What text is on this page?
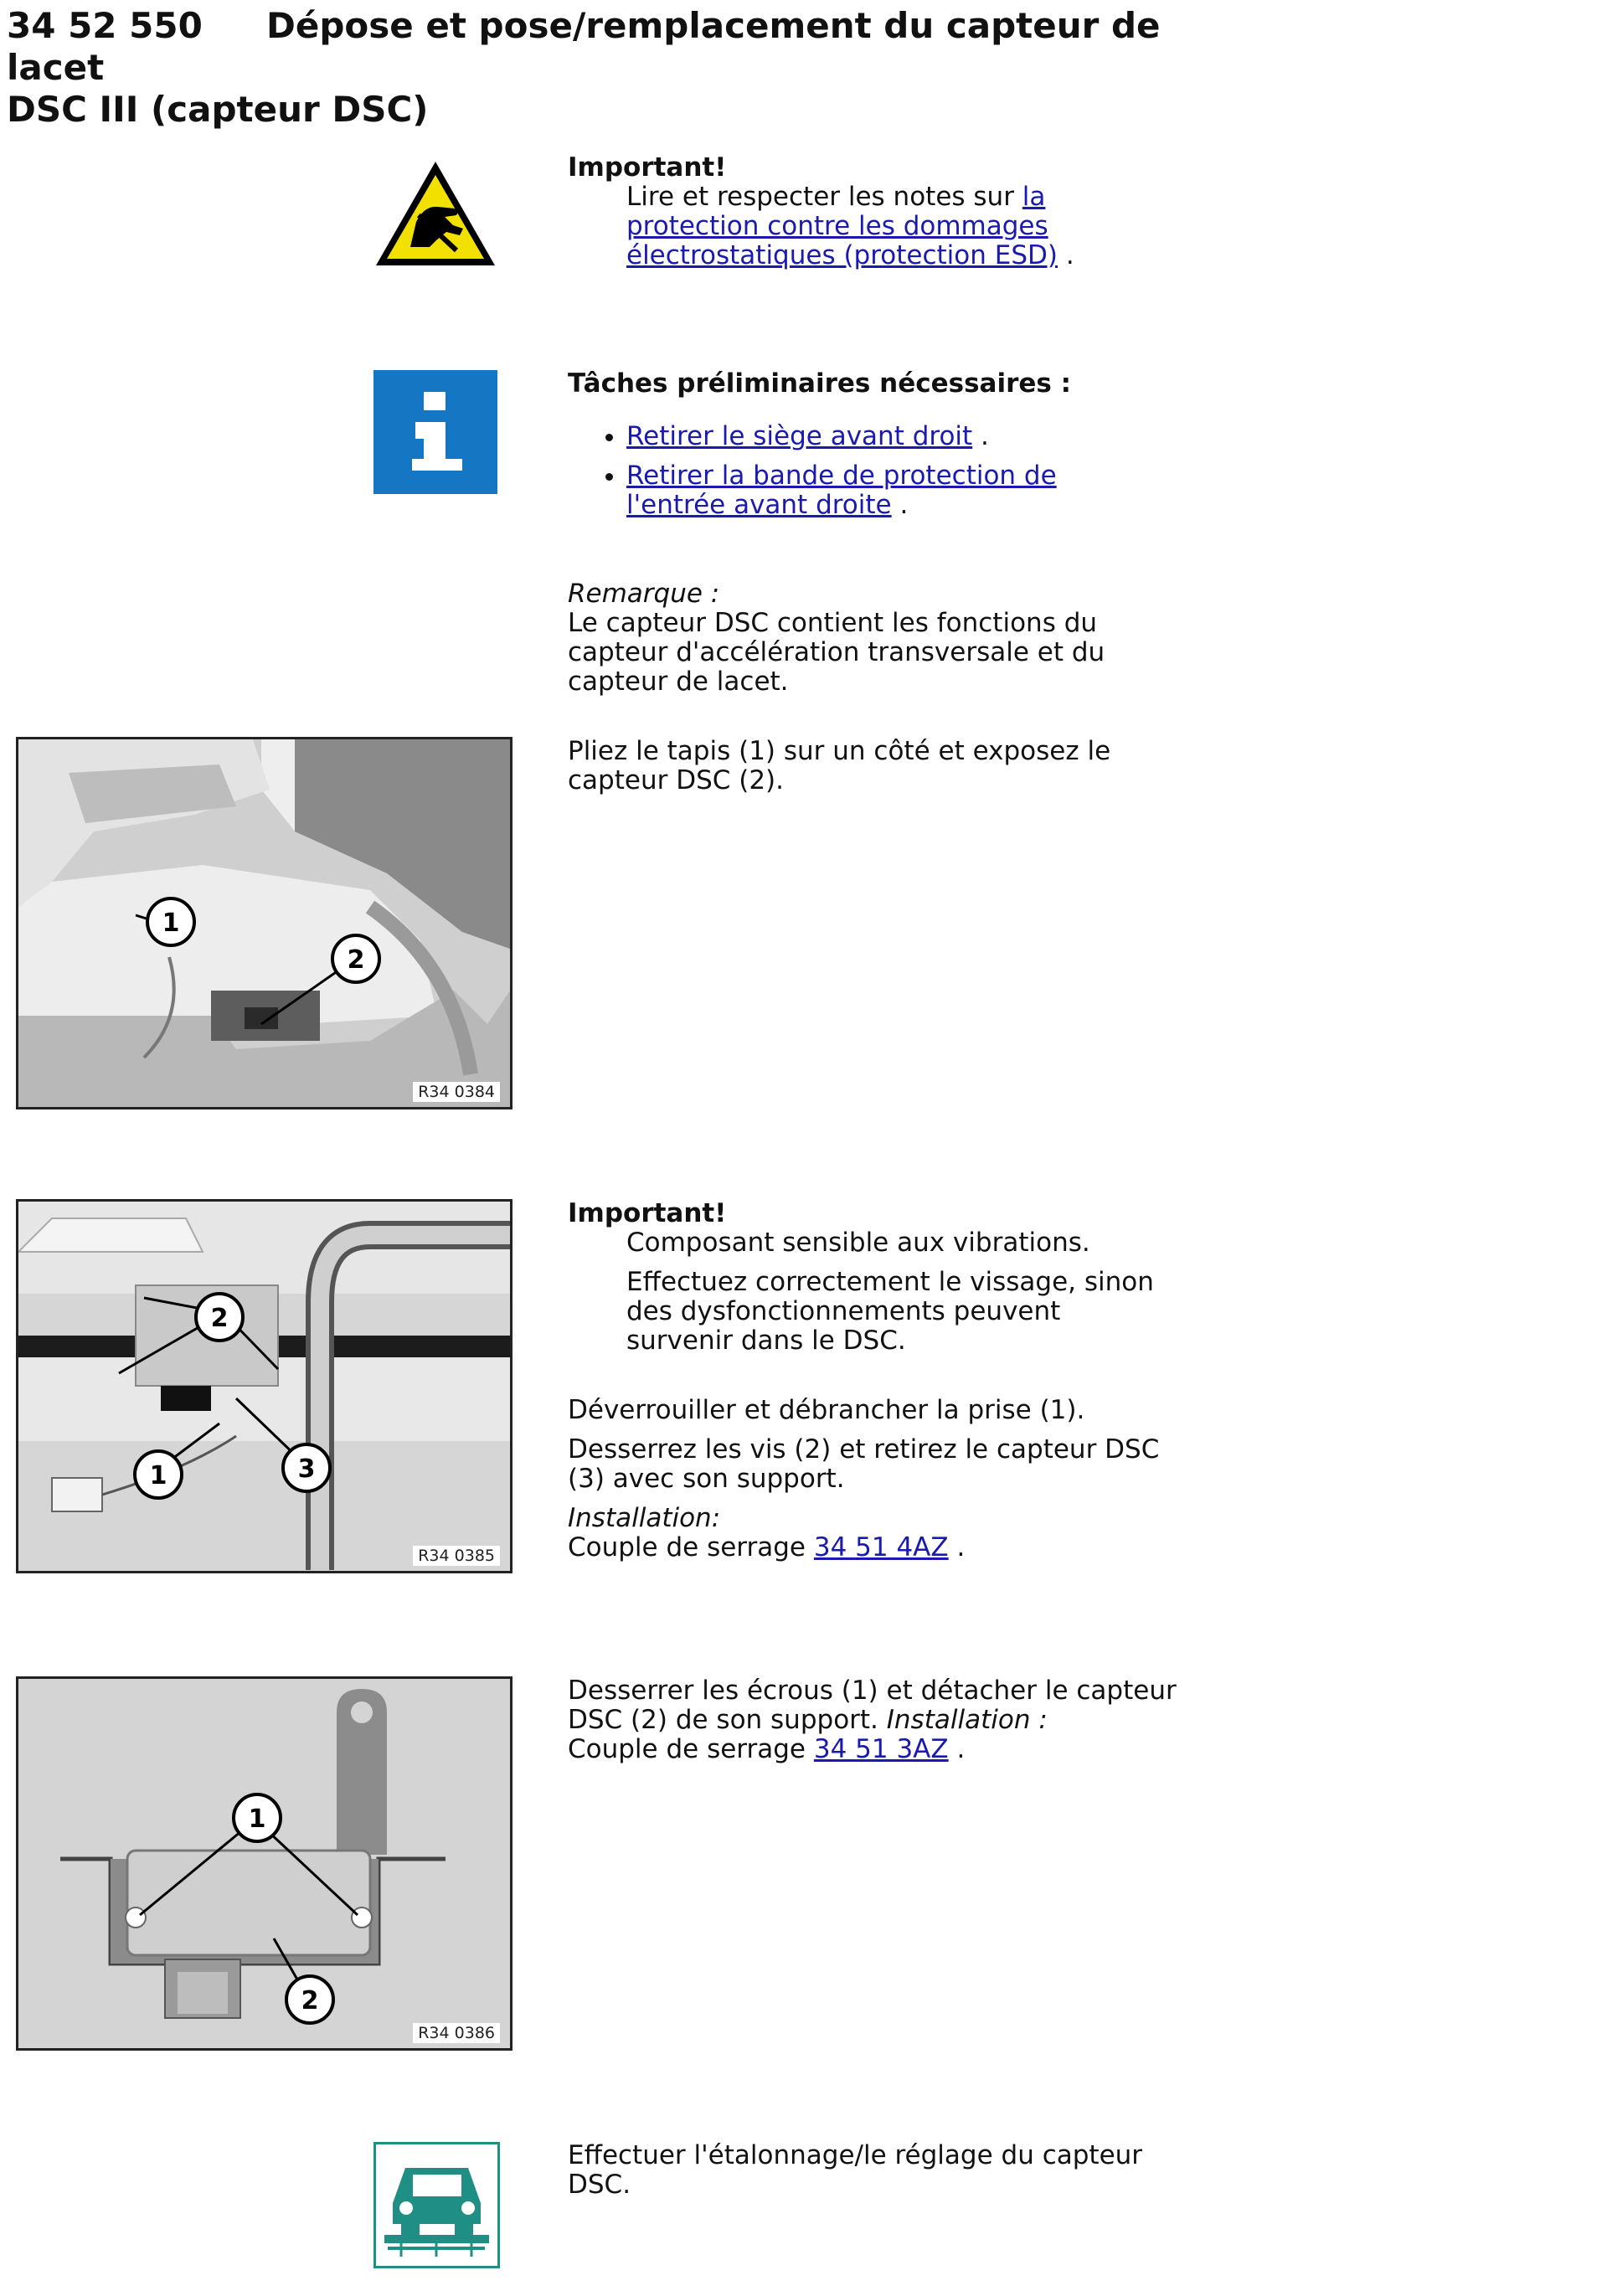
34 52 550 Dépose et pose/remplacement du capteur de lacet
DSC III (capteur DSC)
Important!
Lire et respecter les notes sur la protection contre les dommages électrostatiques (protection ESD) .
Tâches préliminaires nécessaires :
• Retirer le siège avant droit .
• Retirer la bande de protection de l'entrée avant droite .
Remarque :
Le capteur DSC contient les fonctions du capteur d'accélération transversale et du capteur de lacet.
1
2
R34 0384
Pliez le tapis (1) sur un côté et exposez le capteur DSC (2).
2
1	3
R34 0385
Important!
Composant sensible aux vibrations.
Effectuez correctement le vissage, sinon des dysfonctionnements peuvent survenir dans le DSC.
Déverrouiller et débrancher la prise (1).
Desserrez les vis (2) et retirez le capteur DSC (3) avec son support.
Installation:
Couple de serrage 34 51 4AZ .
1
2
R34 0386
Desserrer les écrous (1) et détacher le capteur DSC (2) de son support. Installation :
Couple de serrage 34 51 3AZ .
Effectuer l'étalonnage/le réglage du capteur DSC.
